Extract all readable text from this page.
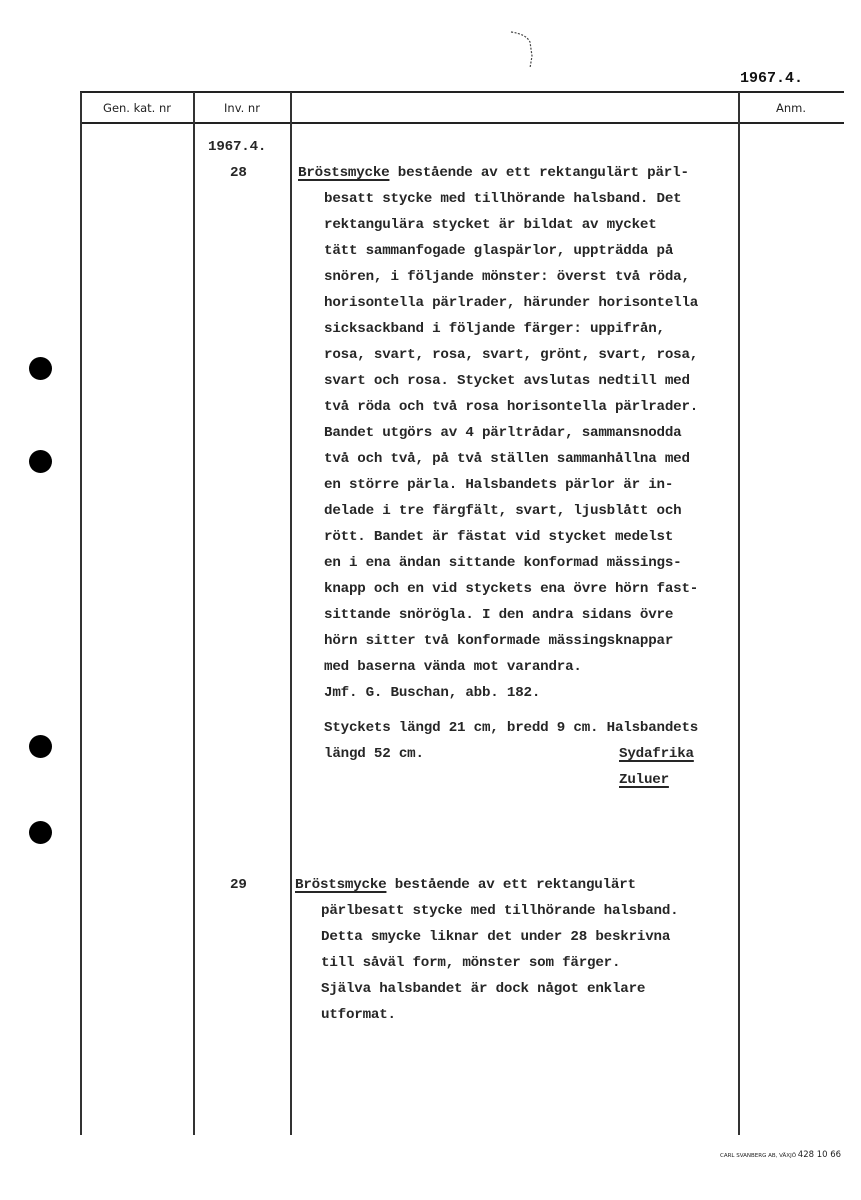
1967.4.
Gen. kat. nr	Inv. nr	Anm.
1967.4.
28	Bröstsmycke bestående av ett rektangulärt pärl-
besatt stycke med tillhörande halsband. Det
rektangulära stycket är bildat av mycket
tätt sammanfogade glaspärlor, uppträdda på
snören, i följande mönster: överst två röda,
horisontella pärlrader, härunder horisontella
sicksackband i följande färger: uppifrån,
rosa, svart, rosa, svart, grönt, svart, rosa,
svart och rosa. Stycket avslutas nedtill med
två röda och två rosa horisontella pärlrader.
Bandet utgörs av 4 pärltrådar, sammansnodda
två och två, på två ställen sammanhållna med
en större pärla. Halsbandets pärlor är in-
delade i tre färgfält, svart, ljusblått och
rött. Bandet är fästat vid stycket medelst
en i ena ändan sittande konformad mässings-
knapp och en vid styckets ena övre hörn fast-
sittande snörögla. I den andra sidans övre
hörn sitter två konformade mässingsknappar
med baserna vända mot varandra.
Jmf. G. Buschan, abb. 182.
Styckets längd 21 cm, bredd 9 cm. Halsbandets
längd 52 cm.	Sydafrika
Zuluer
29	Bröstsmycke bestående av ett rektangulärt
pärlbesatt stycke med tillhörande halsband.
Detta smycke liknar det under 28 beskrivna
till såväl form, mönster som färger.
Själva halsbandet är dock något enklare
utformat.
CARL SVANBERG AB, VÄXJÖ 428 10 66
